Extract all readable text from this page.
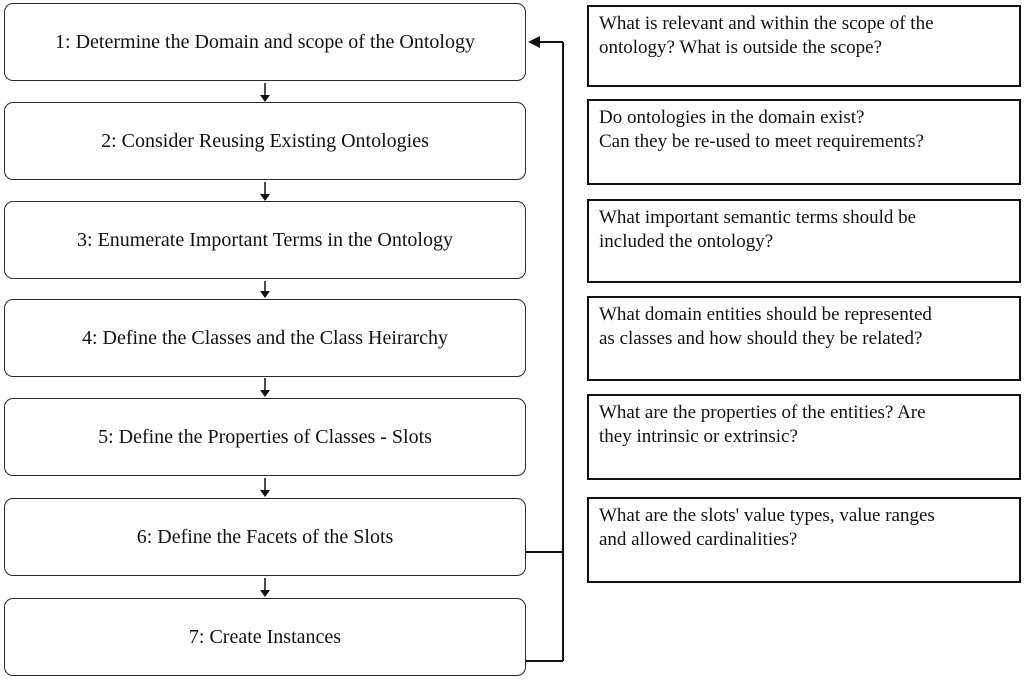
1: Determine the Domain and scope of the Ontology
2: Consider Reusing Existing Ontologies
3: Enumerate Important Terms in the Ontology
4: Define the Classes and the Class Heirarchy
5: Define the Properties of Classes - Slots
6: Define the Facets of the Slots
7: Create Instances
What is relevant and within the scope of the
ontology? What is outside the scope?
Do ontologies in the domain exist?
Can they be re-used to meet requirements?
What important semantic terms should be
included the ontology?
What domain entities should be represented
as classes and how should they be related?
What are the properties of the entities? Are
they intrinsic or extrinsic?
What are the slots' value types, value ranges
and allowed cardinalities?
